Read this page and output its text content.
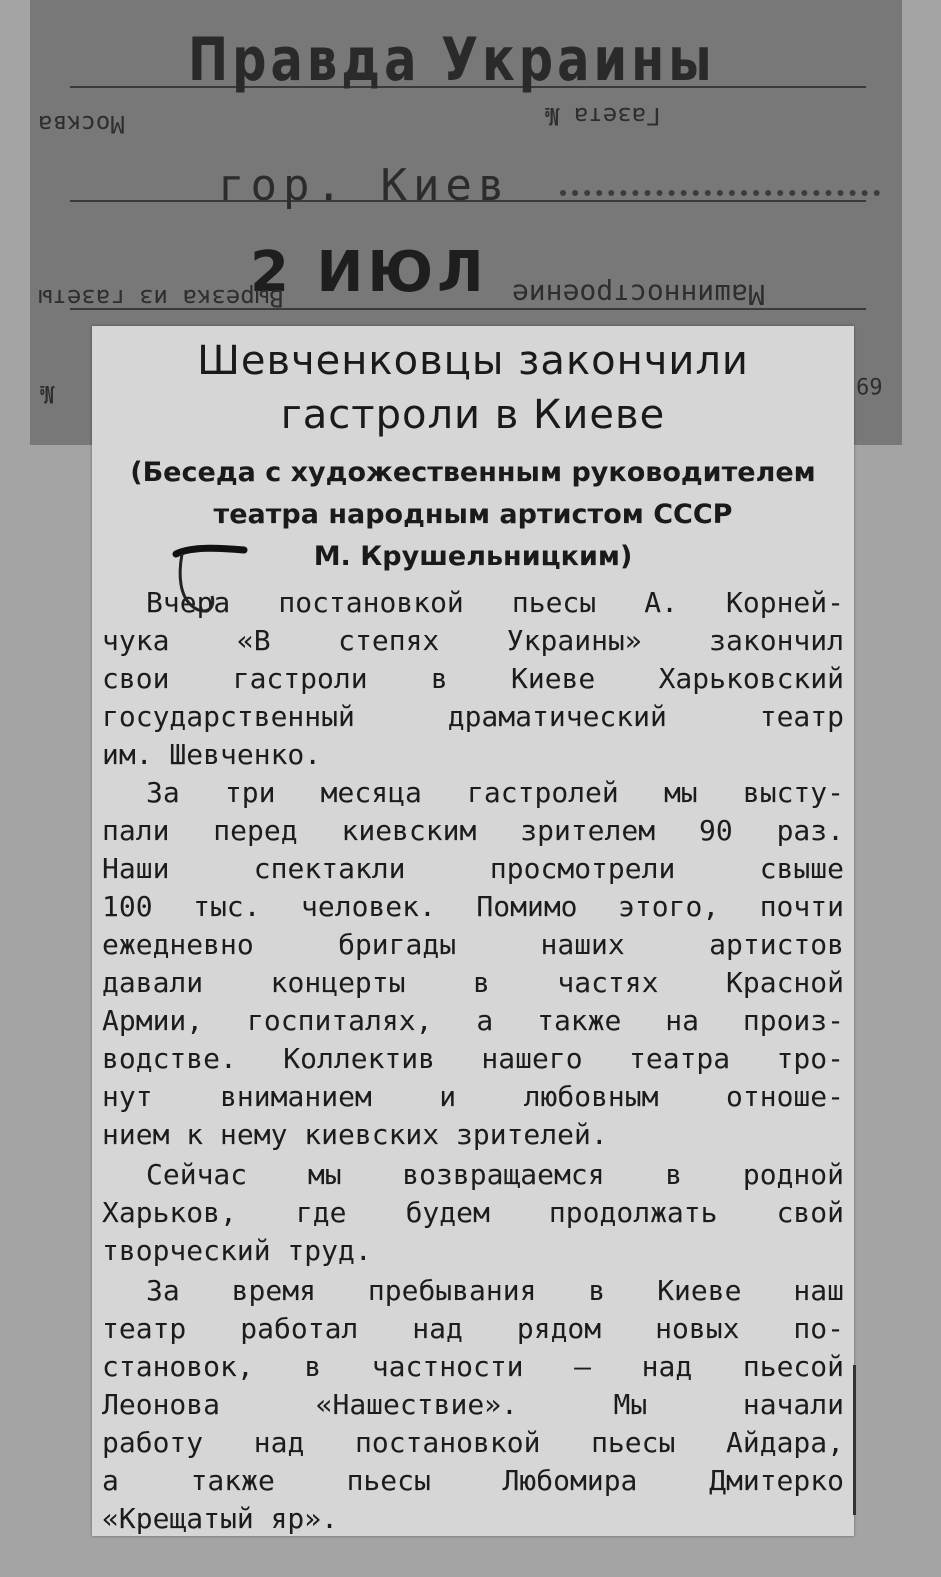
Правда Украины
Москва	Газета №
гор. Киев
2 ИЮЛ
Вырезка из газеты	Машинностроение
№	69
Шевченковцы закончили
гастроли в Киеве
(Беседа с художественным руководителем
театра народным артистом СССР
М. Крушельницким)
Вчера постановкой пьесы А. Корней-
чука «В степях Украины» закончил
свои гастроли в Киеве Харьковский
государственный драматический театр
им. Шевченко.
За три месяца гастролей мы высту-
пали перед киевским зрителем 90 раз.
Наши спектакли просмотрели свыше
100 тыс. человек. Помимо этого, почти
ежедневно бригады наших артистов
давали концерты в частях Красной
Армии, госпиталях, а также на произ-
водстве. Коллектив нашего театра тро-
нут вниманием и любовным отноше-
нием к нему киевских зрителей.
Сейчас мы возвращаемся в родной
Харьков, где будем продолжать свой
творческий труд.
За время пребывания в Киеве наш
театр работал над рядом новых по-
становок, в частности — над пьесой
Леонова «Нашествие». Мы начали
работу над постановкой пьесы Айдара,
а также пьесы Любомира Дмитерко
«Крещатый яр».
